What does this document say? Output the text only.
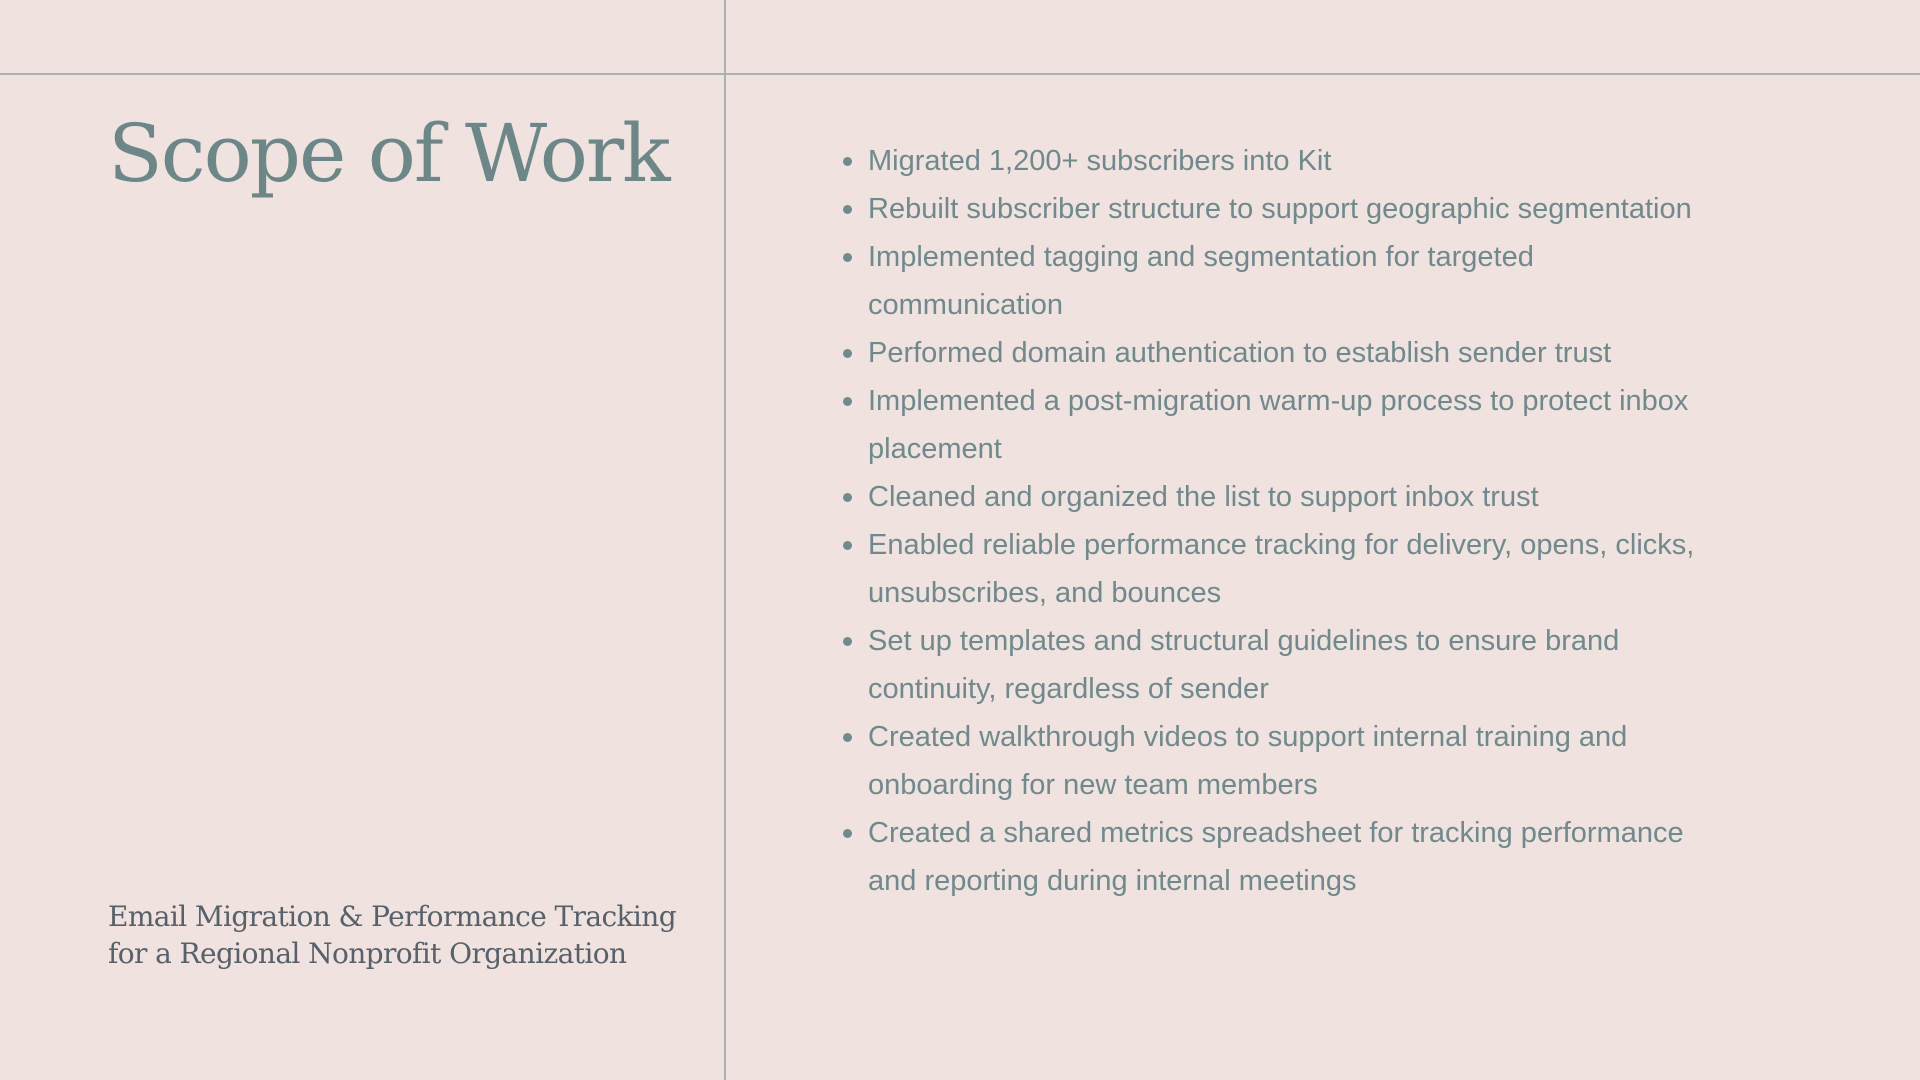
Scope of Work
Email Migration & Performance Tracking
for a Regional Nonprofit Organization
Migrated 1,200+ subscribers into Kit
Rebuilt subscriber structure to support geographic segmentation
Implemented tagging and segmentation for targeted
communication
Performed domain authentication to establish sender trust
Implemented a post-migration warm-up process to protect inbox
placement
Cleaned and organized the list to support inbox trust
Enabled reliable performance tracking for delivery, opens, clicks,
unsubscribes, and bounces
Set up templates and structural guidelines to ensure brand
continuity, regardless of sender
Created walkthrough videos to support internal training and
onboarding for new team members
Created a shared metrics spreadsheet for tracking performance
and reporting during internal meetings
